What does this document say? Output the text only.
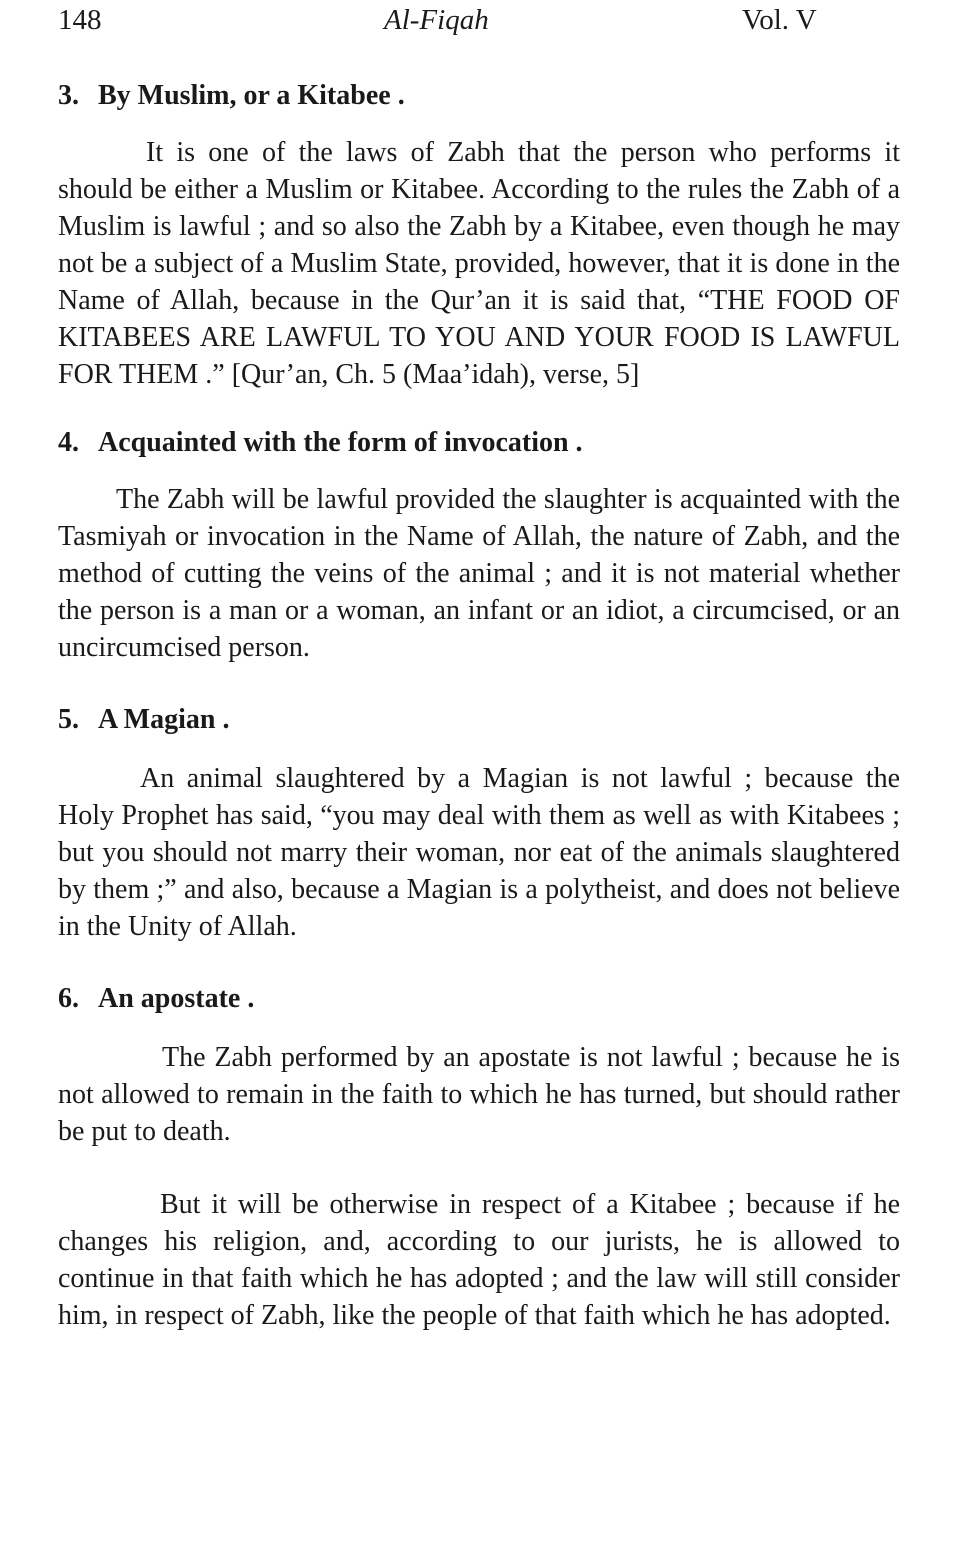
148	Al-Fiqah	Vol. V
3. By Muslim, or a Kitabee .

It is one of the laws of Zabh that the person who performs it should be either a Muslim or Kitabee. According to the rules the Zabh of a Muslim is lawful ; and so also the Zabh by a Kitabee, even though he may not be a subject of a Muslim State, provided, however, that it is done in the Name of Allah, because in the Qur’an it is said that, “THE FOOD OF KITABEES ARE LAWFUL TO YOU AND YOUR FOOD IS LAWFUL FOR THEM .” [Qur’an, Ch. 5 (Maa’idah), verse, 5]

4. Acquainted with the form of invocation .

The Zabh will be lawful provided the slaughter is acquainted with the Tasmiyah or invocation in the Name of Allah, the nature of Zabh, and the method of cutting the veins of the animal ; and it is not material whether the person is a man or a woman, an infant or an idiot, a circumcised, or an uncircumcised person.

5. A Magian .

An animal slaughtered by a Magian is not lawful ; because the Holy Prophet has said, “you may deal with them as well as with Kitabees ; but you should not marry their woman, nor eat of the animals slaughtered by them ;” and also, because a Magian is a polytheist, and does not believe in the Unity of Allah.

6. An apostate .

The Zabh performed by an apostate is not lawful ; because he is not allowed to remain in the faith to which he has turned, but should rather be put to death.

But it will be otherwise in respect of a Kitabee ; because if he changes his religion, and, according to our jurists, he is allowed to continue in that faith which he has adopted ; and the law will still consider him, in respect of Zabh, like the people of that faith which he has adopted.
